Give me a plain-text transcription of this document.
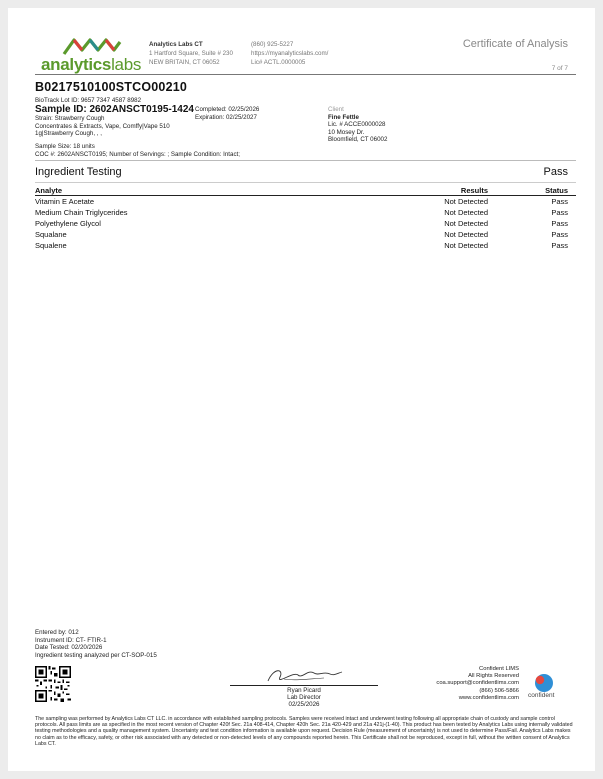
analyticslabs
Analytics Labs CT
1 Hartford Square, Suite # 230
NEW BRITAIN, CT 06052
(860) 925-5227
https://myanalyticslabs.com/
Lic# ACTL.0000005
Certificate of Analysis
7 of 7
B0217510100STCO00210
BioTrack Lot ID: 9657 7347 4587 8982
Sample ID: 2602ANSCT0195-1424
Strain: Strawberry Cough
Concentrates & Extracts, Vape, Comffy|Vape 510
1g|Strawberry Cough, , ,
Completed: 02/25/2026
Expiration: 02/25/2027
Sample Size: 18 units
COC #: 2602ANSCT0195; Number of Servings: ; Sample Condition: Intact;
Client
Fine Fettle
Lic. # ACCE0000028
10 Mosey Dr.
Bloomfield, CT 06002
Ingredient Testing	Pass
Analyte	Results	Status
Vitamin E Acetate	Not Detected	Pass
Medium Chain Triglycerides	Not Detected	Pass
Polyethylene Glycol	Not Detected	Pass
Squalane	Not Detected	Pass
Squalene	Not Detected	Pass
Entered by: 012
Instrument ID: CT- FTIR-1
Date Tested: 02/20/2026
Ingredient testing analyzed per CT-SOP-015
Ryan Picard
Lab Director
02/25/2026
Confident LIMS
All Rights Reserved
coa.support@confidentlims.com
(866) 506-5866
www.confidentlims.com confident
The sampling was performed by Analytics Labs CT LLC. in accordance with established sampling protocols. Samples were received intact and underwent testing following all appropriate chain of custody and sample control protocols. All pass limits are as specified in the most recent version of Chapter 420f Sec. 21a 408-414, Chapter 420h Sec. 21a 420-429 and 21a 421j-(1-40). This product has been tested by Analytics Labs using internally validated testing methodologies and a quality management system. Uncertainty and test condition information is available upon request. Decision Rule (measurement of uncertainty) is not used to determine Pass/Fail. Analytics Labs makes no claim as to the efficacy, safety, or other risk associated with any detected or non-detected levels of any compounds reported herein. This Certificate shall not be reproduced, except in full, without the written consent of Analytics Labs CT.
